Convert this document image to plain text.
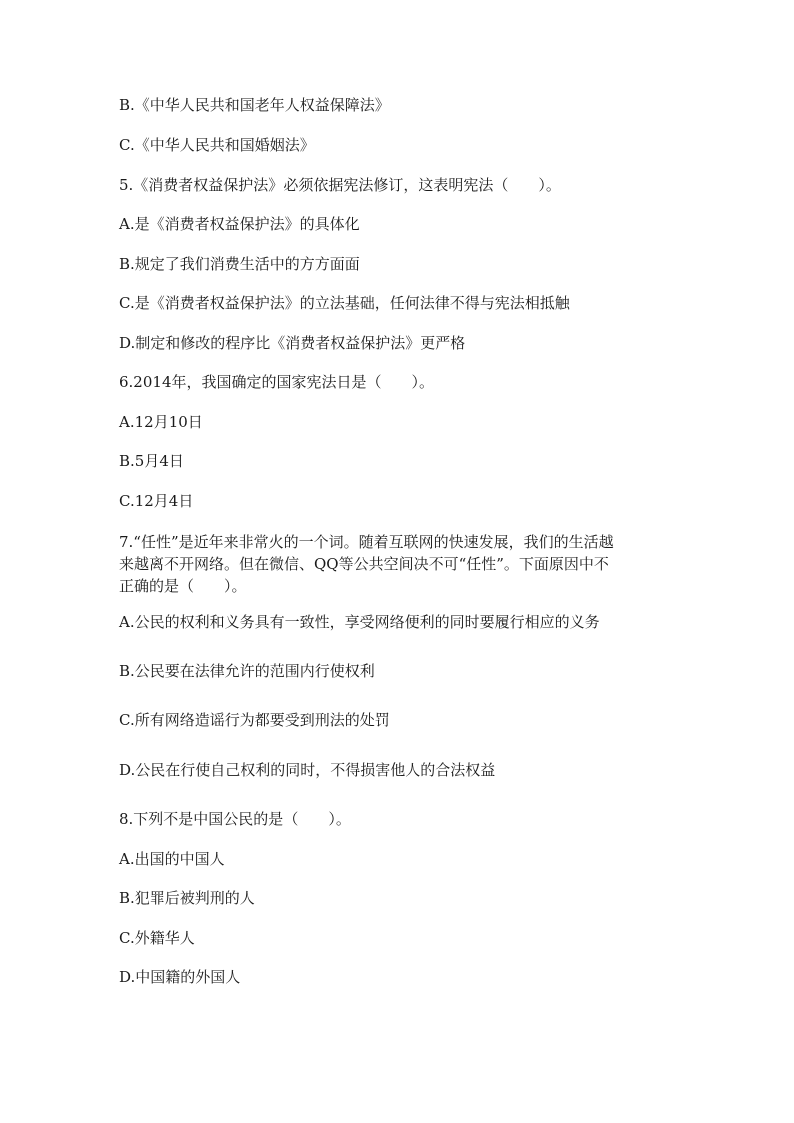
B.《中华人民共和国老年人权益保障法》
C.《中华人民共和国婚姻法》
5.《消费者权益保护法》必须依据宪法修订，这表明宪法（　　）。
A.是《消费者权益保护法》的具体化
B.规定了我们消费生活中的方方面面
C.是《消费者权益保护法》的立法基础，任何法律不得与宪法相抵触
D.制定和修改的程序比《消费者权益保护法》更严格
6.2014年，我国确定的国家宪法日是（　　）。
A.12月10日
B.5月4日
C.12月4日
7.“任性”是近年来非常火的一个词。随着互联网的快速发展，我们的生活越来越离不开网络。但在微信、QQ等公共空间决不可“任性”。下面原因中不正确的是（　　）。
A.公民的权利和义务具有一致性，享受网络便利的同时要履行相应的义务
B.公民要在法律允许的范围内行使权利
C.所有网络造谣行为都要受到刑法的处罚
D.公民在行使自己权利的同时，不得损害他人的合法权益
8.下列不是中国公民的是（　　）。
A.出国的中国人
B.犯罪后被判刑的人
C.外籍华人
D.中国籍的外国人
